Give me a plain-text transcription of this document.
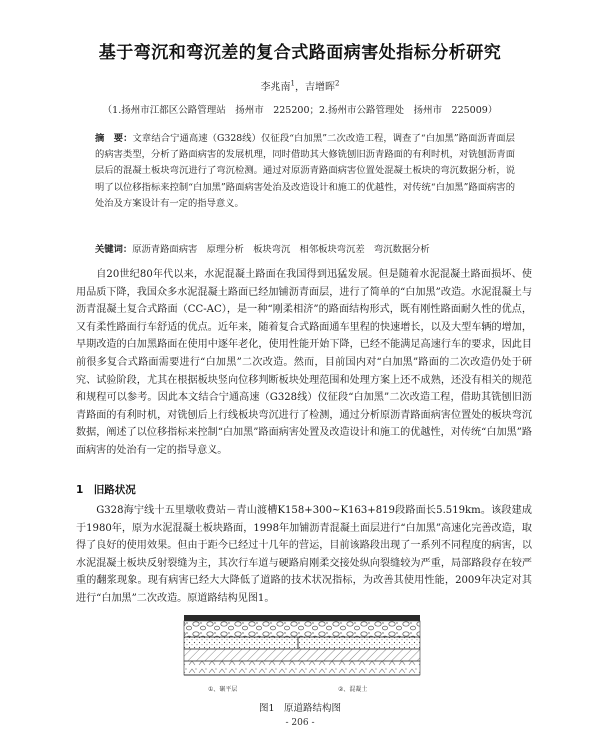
基于弯沉和弯沉差的复合式路面病害处指标分析研究
李兆南$^1$，吉增晖$^2$
（1.扬州市江都区公路管理站　扬州市　225200；2.扬州市公路管理处　扬州市　225009）
摘　要：文章结合宁通高速（G328线）仅征段“白加黑”二次改造工程，调查了“白加黑”路面沥青面层的病害类型，分析了路面病害的发展机理，同时借助其大修铣刨旧沥青路面的有利时机，对铣刨沥青面层后的混凝土板块弯沉进行了弯沉检测。通过对原沥青路面病害位置处混凝土板块的弯沉数据分析，说明了以位移指标来控制“白加黑”路面病害处治及改造设计和施工的优越性，对传统“白加黑”路面病害的处治及方案设计有一定的指导意义。
关键词：原沥青路面病害　原理分析　板块弯沉　相邻板块弯沉差　弯沉数据分析
自20世纪80年代以来，水泥混凝土路面在我国得到迅猛发展。但是随着水泥混凝土路面损坏、使用品质下降，我国众多水泥混凝土路面已经加铺沥青面层，进行了简单的“白加黑”改造。水泥混凝土与沥青混凝土复合式路面（CC-AC），是一种“刚柔相济”的路面结构形式，既有刚性路面耐久性的优点，又有柔性路面行车舒适的优点。近年来，随着复合式路面通车里程的快速增长，以及大型车辆的增加，早期改造的白加黑路面在使用中逐年老化，使用性能开始下降，已经不能满足高速行车的要求，因此目前很多复合式路面需要进行“白加黑”二次改造。然而，目前国内对“白加黑”路面的二次改造仍处于研究、试验阶段，尤其在根据板块竖向位移判断板块处理范围和处理方案上还不成熟，还没有相关的规范和规程可以参考。因此本文结合宁通高速（G328线）仪征段“白加黑”二次改造工程，借助其铣刨旧沥青路面的有利时机，对铣刨后上行线板块弯沉进行了检测，通过分析原沥青路面病害位置处的板块弯沉数据，阐述了以位移指标来控制“白加黑”路面病害处置及改造设计和施工的优越性，对传统“白加黑”路面病害的处治有一定的指导意义。
1　旧路状况
G328海宁线十五里墩收费站－青山渡槽K158+300~K163+819段路面长5.519km。该段建成于1980年，原为水泥混凝土板块路面，1998年加铺沥青混凝土面层进行“白加黑”高速化完善改造，取得了良好的使用效果。但由于距今已经过十几年的营运，目前该路段出现了一系列不同程度的病害，以水泥混凝土板块反射裂缝为主，其次行车道与硬路肩刚柔交接处纵向裂缝较为严重，局部路段存在较严重的翻浆现象。现有病害已经大大降低了道路的技术状况指标，为改善其使用性能，2009年决定对其进行“白加黑”二次改造。原道路结构见图1。
①、碾平层	②、混凝土
图1　原道路结构图
- 206 -
